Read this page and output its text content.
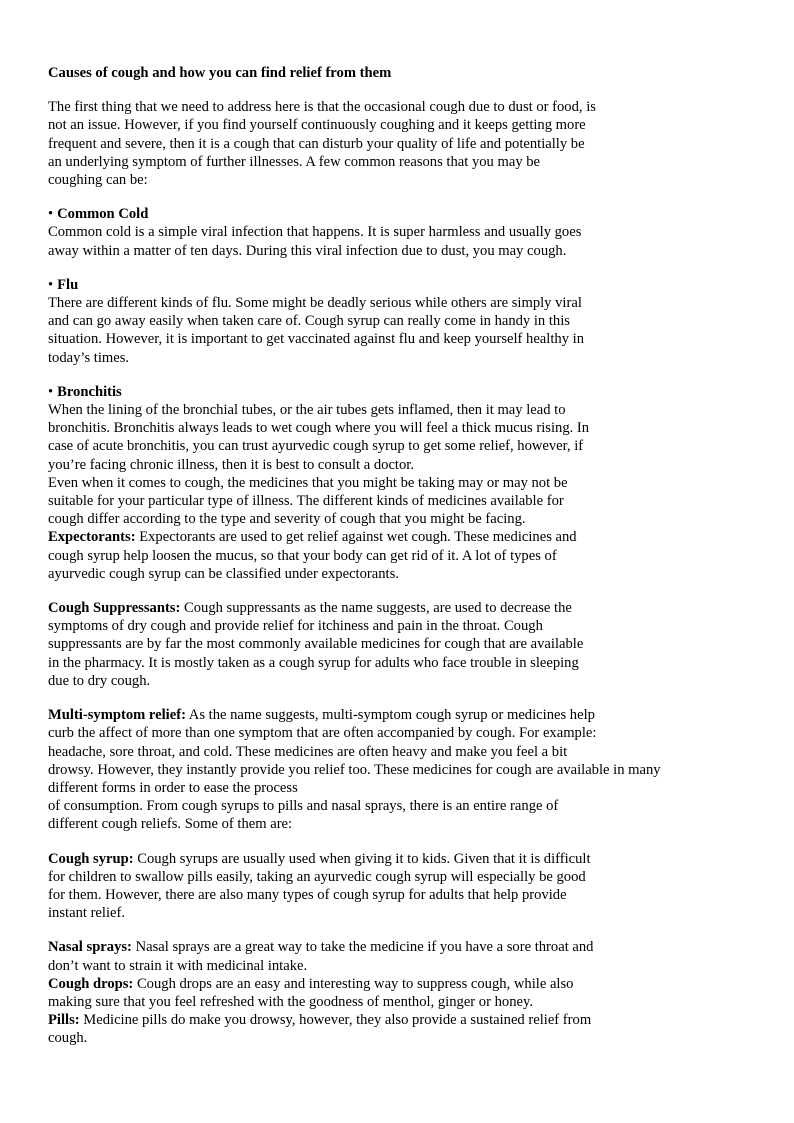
Causes of cough and how you can find relief from them
The first thing that we need to address here is that the occasional cough due to dust or food, is
not an issue. However, if you find yourself continuously coughing and it keeps getting more
frequent and severe, then it is a cough that can disturb your quality of life and potentially be
an underlying symptom of further illnesses. A few common reasons that you may be
coughing can be:
• Common Cold
Common cold is a simple viral infection that happens. It is super harmless and usually goes
away within a matter of ten days. During this viral infection due to dust, you may cough.
• Flu
There are different kinds of flu. Some might be deadly serious while others are simply viral
and can go away easily when taken care of. Cough syrup can really come in handy in this
situation. However, it is important to get vaccinated against flu and keep yourself healthy in
today’s times.
• Bronchitis
When the lining of the bronchial tubes, or the air tubes gets inflamed, then it may lead to
bronchitis. Bronchitis always leads to wet cough where you will feel a thick mucus rising. In
case of acute bronchitis, you can trust ayurvedic cough syrup to get some relief, however, if
you’re facing chronic illness, then it is best to consult a doctor.
Even when it comes to cough, the medicines that you might be taking may or may not be
suitable for your particular type of illness. The different kinds of medicines available for
cough differ according to the type and severity of cough that you might be facing.
Expectorants: Expectorants are used to get relief against wet cough. These medicines and
cough syrup help loosen the mucus, so that your body can get rid of it. A lot of types of
ayurvedic cough syrup can be classified under expectorants.
Cough Suppressants: Cough suppressants as the name suggests, are used to decrease the
symptoms of dry cough and provide relief for itchiness and pain in the throat. Cough
suppressants are by far the most commonly available medicines for cough that are available
in the pharmacy. It is mostly taken as a cough syrup for adults who face trouble in sleeping
due to dry cough.
Multi-symptom relief: As the name suggests, multi-symptom cough syrup or medicines help
curb the affect of more than one symptom that are often accompanied by cough. For example:
headache, sore throat, and cold. These medicines are often heavy and make you feel a bit
drowsy. However, they instantly provide you relief too. These medicines for cough are available in many
different forms in order to ease the process
of consumption. From cough syrups to pills and nasal sprays, there is an entire range of
different cough reliefs. Some of them are:
Cough syrup: Cough syrups are usually used when giving it to kids. Given that it is difficult
for children to swallow pills easily, taking an ayurvedic cough syrup will especially be good
for them. However, there are also many types of cough syrup for adults that help provide
instant relief.
Nasal sprays: Nasal sprays are a great way to take the medicine if you have a sore throat and
don’t want to strain it with medicinal intake.
Cough drops: Cough drops are an easy and interesting way to suppress cough, while also
making sure that you feel refreshed with the goodness of menthol, ginger or honey.
Pills: Medicine pills do make you drowsy, however, they also provide a sustained relief from
cough.
